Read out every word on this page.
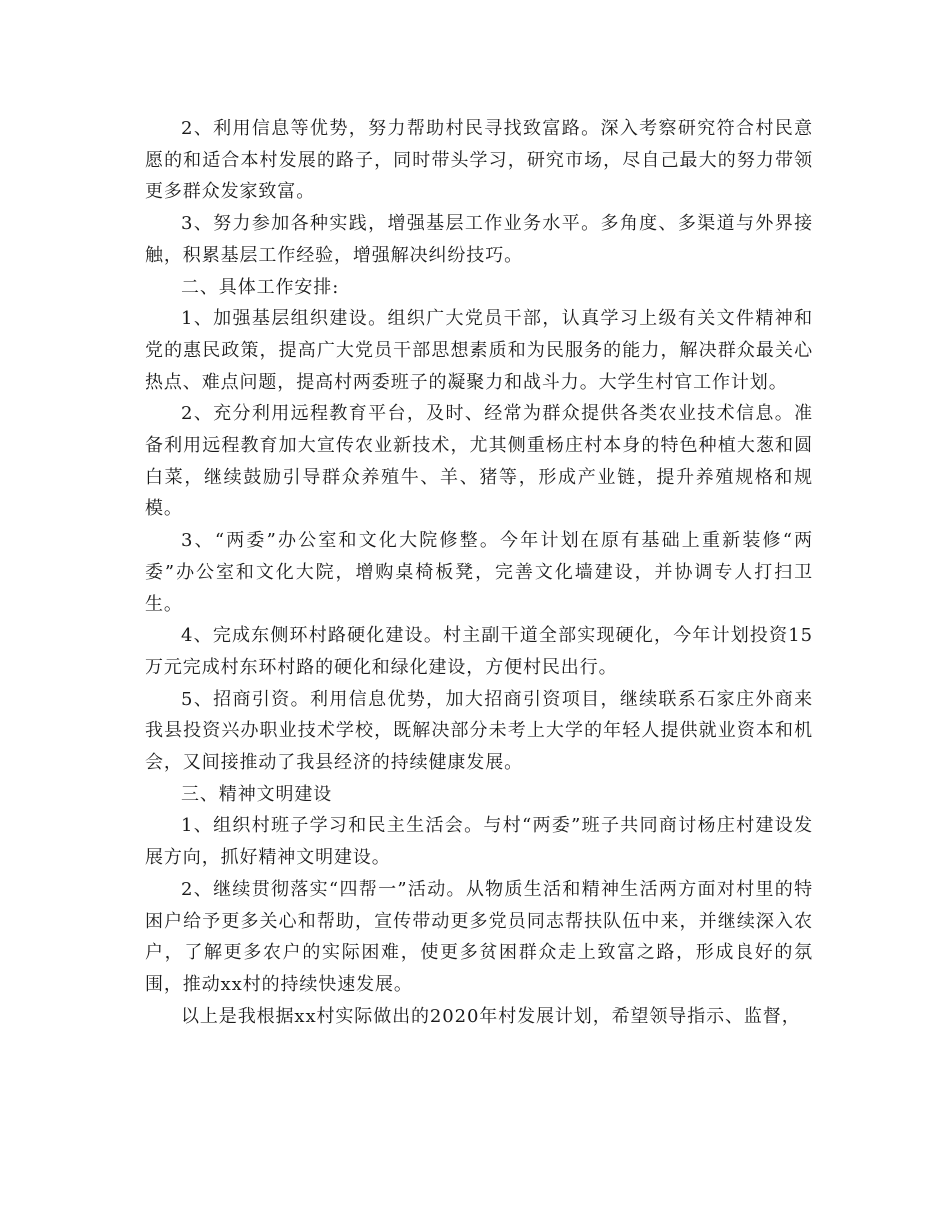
2、利用信息等优势，努力帮助村民寻找致富路。深入考察研究符合村民意愿的和适合本村发展的路子，同时带头学习，研究市场，尽自己最大的努力带领更多群众发家致富。

3、努力参加各种实践，增强基层工作业务水平。多角度、多渠道与外界接触，积累基层工作经验，增强解决纠纷技巧。

二、具体工作安排:

1、加强基层组织建设。组织广大党员干部，认真学习上级有关文件精神和党的惠民政策，提高广大党员干部思想素质和为民服务的能力，解决群众最关心热点、难点问题，提高村两委班子的凝聚力和战斗力。大学生村官工作计划。

2、充分利用远程教育平台，及时、经常为群众提供各类农业技术信息。准备利用远程教育加大宣传农业新技术，尤其侧重杨庄村本身的特色种植大葱和圆白菜，继续鼓励引导群众养殖牛、羊、猪等，形成产业链，提升养殖规格和规模。

3、“两委”办公室和文化大院修整。今年计划在原有基础上重新装修“两委”办公室和文化大院，增购桌椅板凳，完善文化墙建设，并协调专人打扫卫生。

4、完成东侧环村路硬化建设。村主副干道全部实现硬化，今年计划投资15万元完成村东环村路的硬化和绿化建设，方便村民出行。

5、招商引资。利用信息优势，加大招商引资项目，继续联系石家庄外商来我县投资兴办职业技术学校，既解决部分未考上大学的年轻人提供就业资本和机会，又间接推动了我县经济的持续健康发展。

三、精神文明建设

1、组织村班子学习和民主生活会。与村“两委”班子共同商讨杨庄村建设发展方向，抓好精神文明建设。

2、继续贯彻落实“四帮一”活动。从物质生活和精神生活两方面对村里的特困户给予更多关心和帮助，宣传带动更多党员同志帮扶队伍中来，并继续深入农户，了解更多农户的实际困难，使更多贫困群众走上致富之路，形成良好的氛围，推动xx村的持续快速发展。

以上是我根据xx村实际做出的2020年村发展计划，希望领导指示、监督，
